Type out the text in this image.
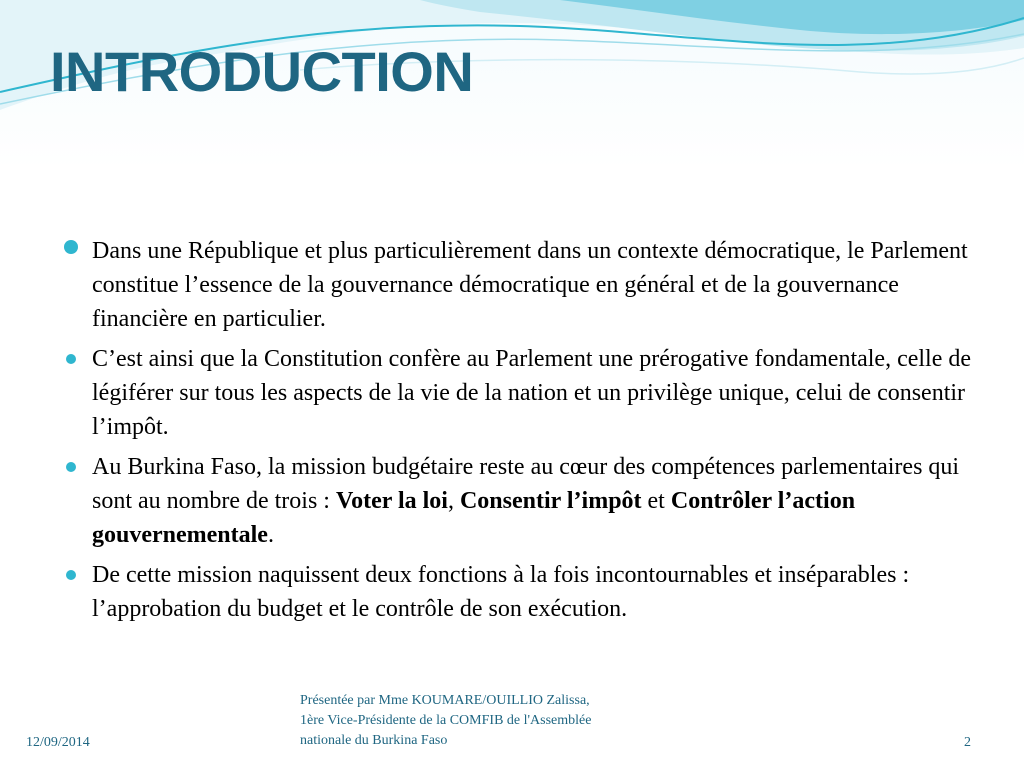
INTRODUCTION
Dans une République et plus particulièrement dans un contexte démocratique, le Parlement constitue l’essence de la gouvernance démocratique en général et de la gouvernance financière en particulier.
C’est ainsi que la Constitution confère au Parlement une prérogative fondamentale, celle de légiférer sur tous les aspects de la vie de la nation et un privilège unique, celui de consentir l’impôt.
Au Burkina Faso, la mission budgétaire reste au cœur des compétences parlementaires qui sont au nombre de trois : Voter la loi, Consentir l’impôt et Contrôler l’action gouvernementale.
De cette mission naquissent deux fonctions à la fois incontournables et inséparables : l’approbation du budget et le contrôle de son exécution.
12/09/2014
Présentée par Mme KOUMARE/OUILLIO Zalissa,
1ère Vice-Présidente de la COMFIB de l'Assemblée
nationale du Burkina Faso	2
